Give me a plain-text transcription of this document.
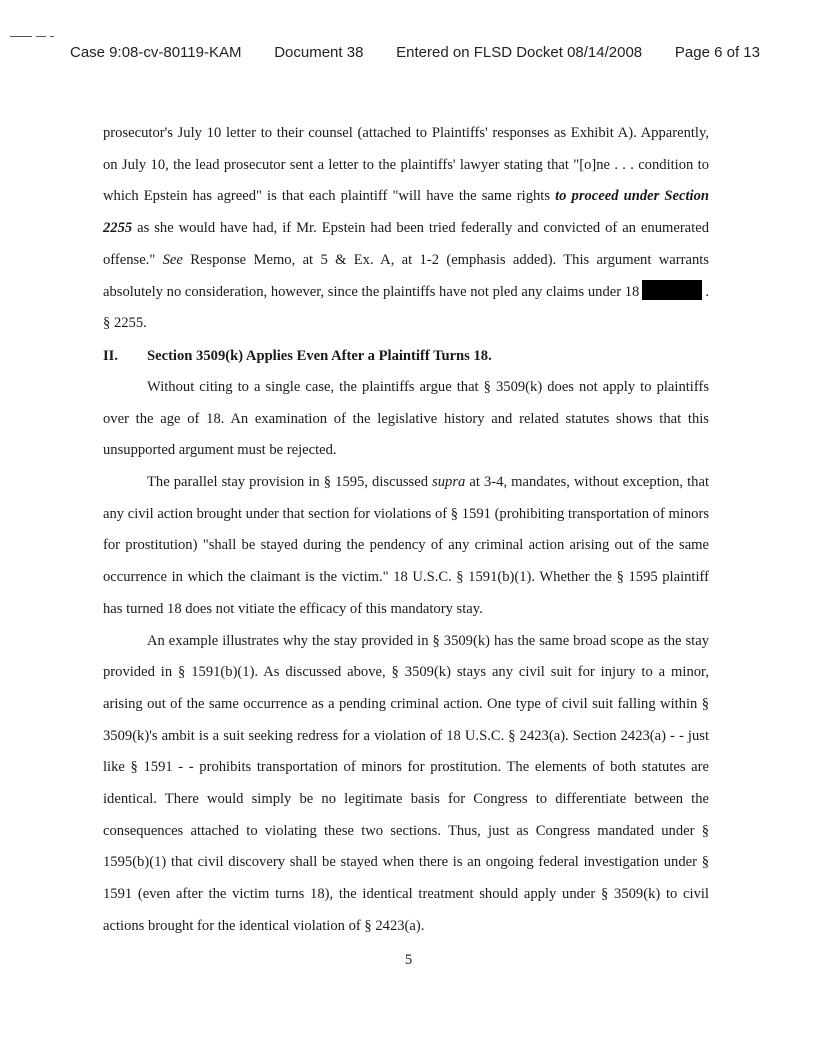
Case 9:08-cv-80119-KAM Document 38 Entered on FLSD Docket 08/14/2008 Page 6 of 13

prosecutor's July 10 letter to their counsel (attached to Plaintiffs' responses as Exhibit A). Apparently, on July 10, the lead prosecutor sent a letter to the plaintiffs' lawyer stating that "[o]ne . . . condition to which Epstein has agreed" is that each plaintiff "will have the same rights to proceed under Section 2255 as she would have had, if Mr. Epstein had been tried federally and convicted of an enumerated offense." See Response Memo, at 5 & Ex. A, at 1-2 (emphasis added). This argument warrants absolutely no consideration, however, since the plaintiffs have not pled any claims under 18	. § 2255.

II.	Section 3509(k) Applies Even After a Plaintiff Turns 18.

Without citing to a single case, the plaintiffs argue that § 3509(k) does not apply to plaintiffs over the age of 18. An examination of the legislative history and related statutes shows that this unsupported argument must be rejected.

The parallel stay provision in § 1595, discussed supra at 3-4, mandates, without exception, that any civil action brought under that section for violations of § 1591 (prohibiting transportation of minors for prostitution) "shall be stayed during the pendency of any criminal action arising out of the same occurrence in which the claimant is the victim." 18 U.S.C. § 1591(b)(1). Whether the § 1595 plaintiff has turned 18 does not vitiate the efficacy of this mandatory stay.

An example illustrates why the stay provided in § 3509(k) has the same broad scope as the stay provided in § 1591(b)(1). As discussed above, § 3509(k) stays any civil suit for injury to a minor, arising out of the same occurrence as a pending criminal action. One type of civil suit falling within § 3509(k)'s ambit is a suit seeking redress for a violation of 18 U.S.C. § 2423(a). Section 2423(a) - - just like § 1591 - - prohibits transportation of minors for prostitution. The elements of both statutes are identical. There would simply be no legitimate basis for Congress to differentiate between the consequences attached to violating these two sections. Thus, just as Congress mandated under § 1595(b)(1) that civil discovery shall be stayed when there is an ongoing federal investigation under § 1591 (even after the victim turns 18), the identical treatment should apply under § 3509(k) to civil actions brought for the identical violation of § 2423(a).

5
